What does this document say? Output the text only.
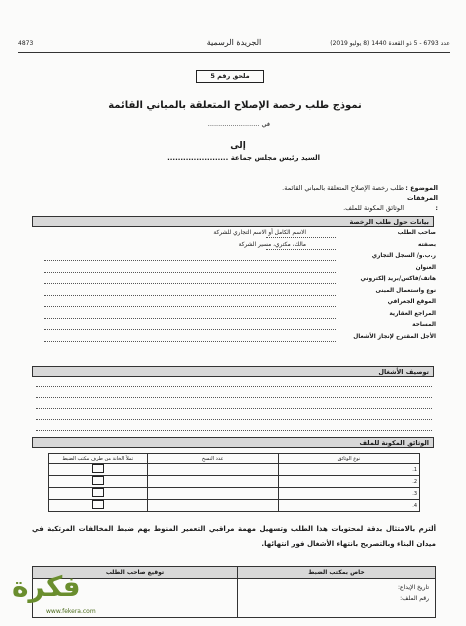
4873	الجريدة الرسمية	عدد 6793 - 5 ذو القعدة 1440 (8 يوليو 2019)
ملحق رقم 5
نموذج طلب رخصة الإصلاح المتعلقة بالمباني القائمة
في .........................
إلى
السيد رئيس مجلس جماعة .......................
الموضوع :طلب رخصة الإصلاح المتعلقة بالمباني القائمة.
المرفقات :الوثائق المكونة للملف.
بيانات حول طلب الرخصة
صاحب الطلب
الاسم الكامل أو الاسم التجاري للشركة
بصفته
مالك، مكتري، مسير الشركة
ر.ب.و/ السجل التجاري
العنوان
هاتف/فاكس/بريد إلكتروني
نوع واستعمال المبنى
الموقع الجغرافي
المراجع العقارية
المساحة
الأجل المقترح لإنجاز الأشغال
توصيف الأشغال
الوثائق المكونة للملف
نوع الوثائق	عدد النسخ	تملأ الخانة من طرف مكتب الضبط
1.		
2.		
3.		
4.		
ألتزم بالامتثال بدقة لمحتويات هذا الطلب وتسهيل مهمة مراقبي التعمير المنوط بهم ضبط المخالفات المرتكبة في ميدان البناء وبالتصريح بانتهاء الأشغال فور انتهائها.
خاص بمكتب الضبط
توقيع صاحب الطلب
تاريخ الإيداع:
رقم الملف:
فكرة
www.fekera.com
